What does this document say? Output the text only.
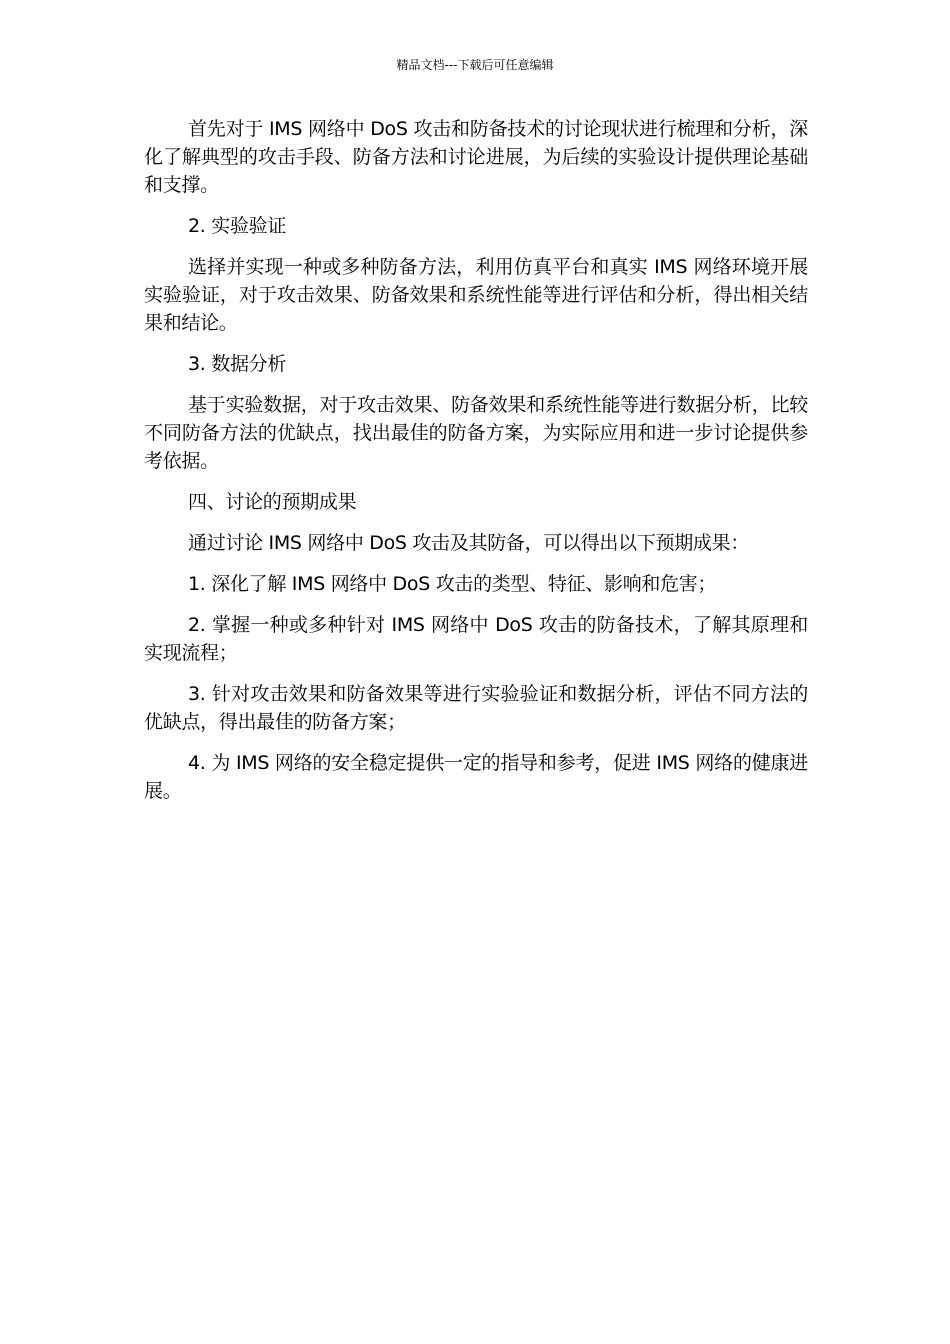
精品文档---下载后可任意编辑

首先对于 IMS 网络中 DoS 攻击和防备技术的讨论现状进行梳理和分析，深化了解典型的攻击手段、防备方法和讨论进展，为后续的实验设计提供理论基础和支撑。

2. 实验验证

选择并实现一种或多种防备方法，利用仿真平台和真实 IMS 网络环境开展实验验证，对于攻击效果、防备效果和系统性能等进行评估和分析，得出相关结果和结论。

3. 数据分析

基于实验数据，对于攻击效果、防备效果和系统性能等进行数据分析，比较不同防备方法的优缺点，找出最佳的防备方案，为实际应用和进一步讨论提供参考依据。

四、讨论的预期成果

通过讨论 IMS 网络中 DoS 攻击及其防备，可以得出以下预期成果：

1. 深化了解 IMS 网络中 DoS 攻击的类型、特征、影响和危害；

2. 掌握一种或多种针对 IMS 网络中 DoS 攻击的防备技术，了解其原理和实现流程；

3. 针对攻击效果和防备效果等进行实验验证和数据分析，评估不同方法的优缺点，得出最佳的防备方案；

4. 为 IMS 网络的安全稳定提供一定的指导和参考，促进 IMS 网络的健康进展。
